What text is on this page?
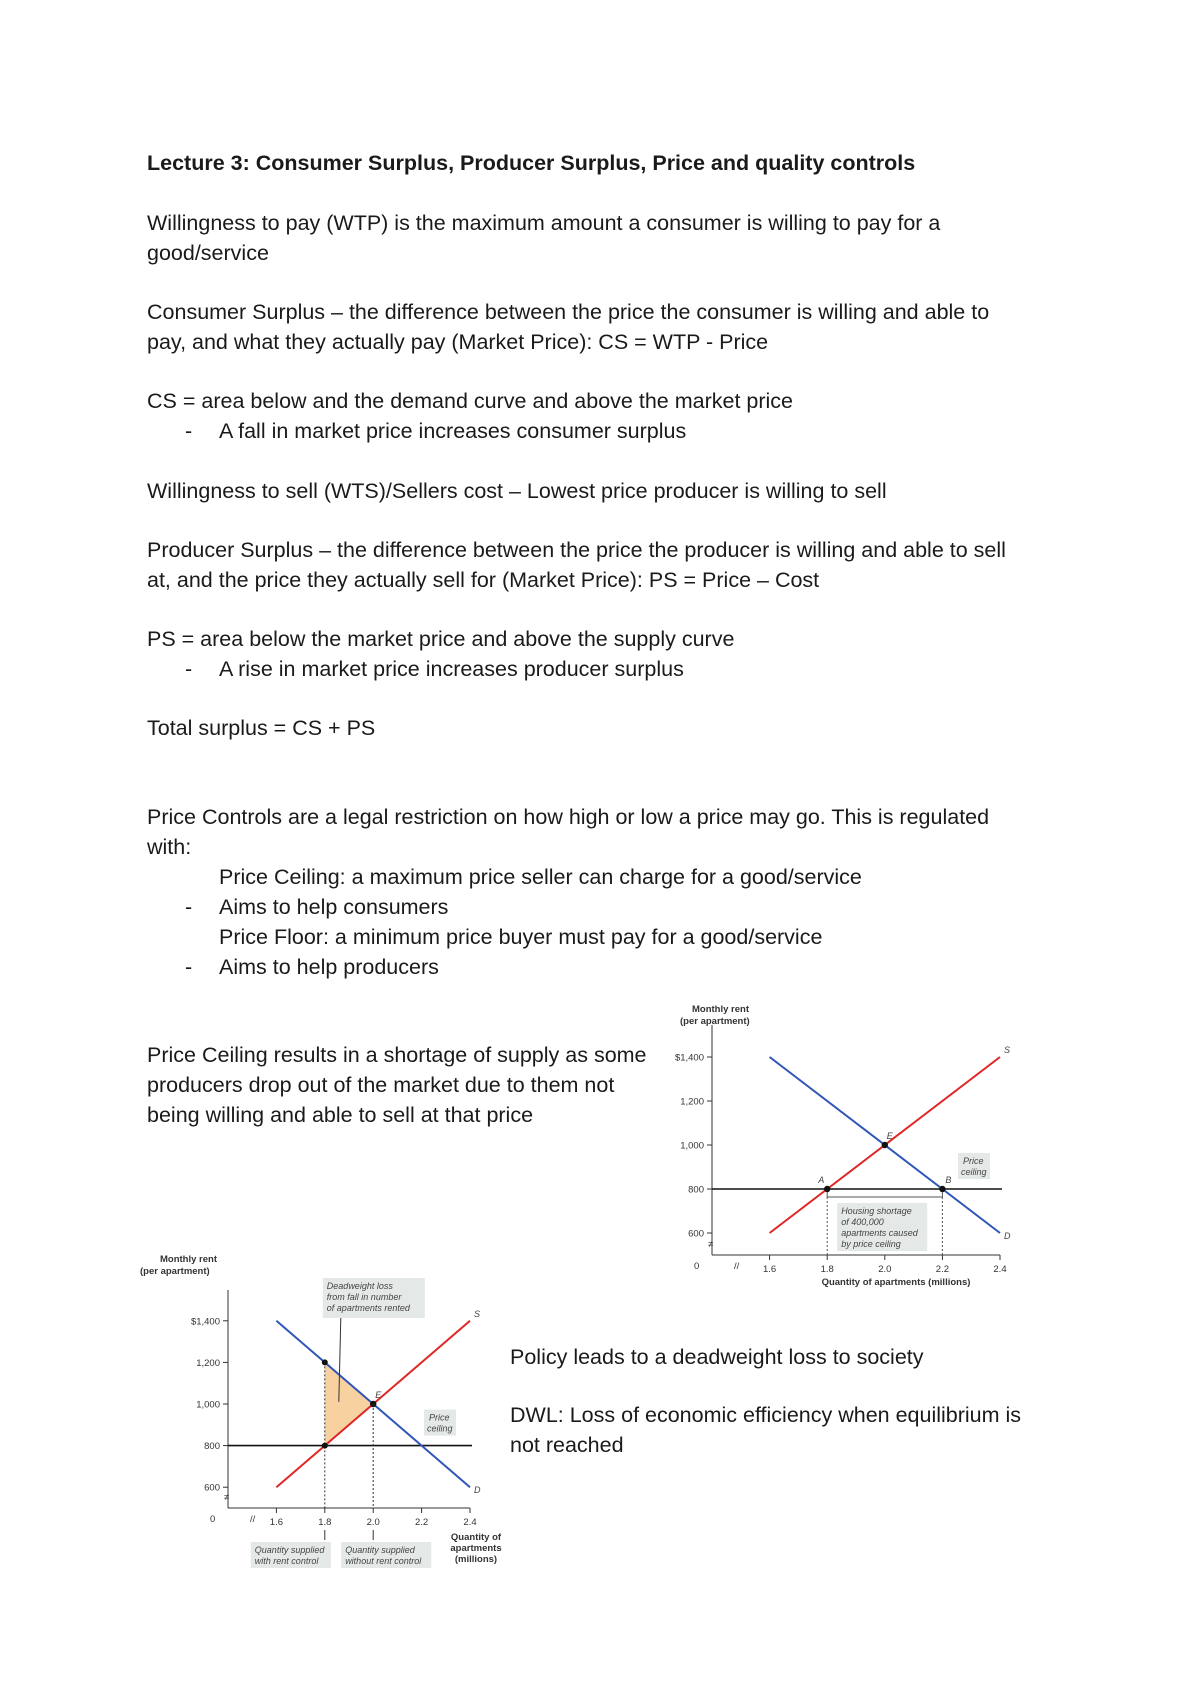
Lecture 3: Consumer Surplus, Producer Surplus, Price and quality controls
Willingness to pay (WTP) is the maximum amount a consumer is willing to pay for a
good/service
Consumer Surplus – the difference between the price the consumer is willing and able to
pay, and what they actually pay (Market Price): CS = WTP - Price
CS = area below and the demand curve and above the market price
- A fall in market price increases consumer surplus
Willingness to sell (WTS)/Sellers cost – Lowest price producer is willing to sell
Producer Surplus – the difference between the price the producer is willing and able to sell
at, and the price they actually sell for (Market Price): PS = Price – Cost
PS = area below the market price and above the supply curve
- A rise in market price increases producer surplus
Total surplus = CS + PS
Price Controls are a legal restriction on how high or low a price may go. This is regulated
with:
Price Ceiling: a maximum price seller can charge for a good/service
- Aims to help consumers
Price Floor: a minimum price buyer must pay for a good/service
- Aims to help producers
Price Ceiling results in a shortage of supply as some
producers drop out of the market due to them not
being willing and able to sell at that price
Policy leads to a deadweight loss to society
DWL: Loss of economic efficiency when equilibrium is
not reached
Monthly rent
(per apartment)
≠
//
0
$1,400
1,200
1,000
800
600
1.6	1.8	2.0	2.2	2.4
D
S
E
A	B
Housing shortage
of 400,000
apartments caused
by price ceiling
Price
ceiling
Quantity of apartments (millions)
Monthly rent
(per apartment)
≠
//
0
$1,400
1,200
1,000
800
600
1.6	1.8	2.0	2.2	2.4
D
S
E
Deadweight loss
from fall in number
of apartments rented
Price
ceiling
Quantity supplied
with rent control
Quantity supplied
without rent control
Quantity of
apartments
(millions)
